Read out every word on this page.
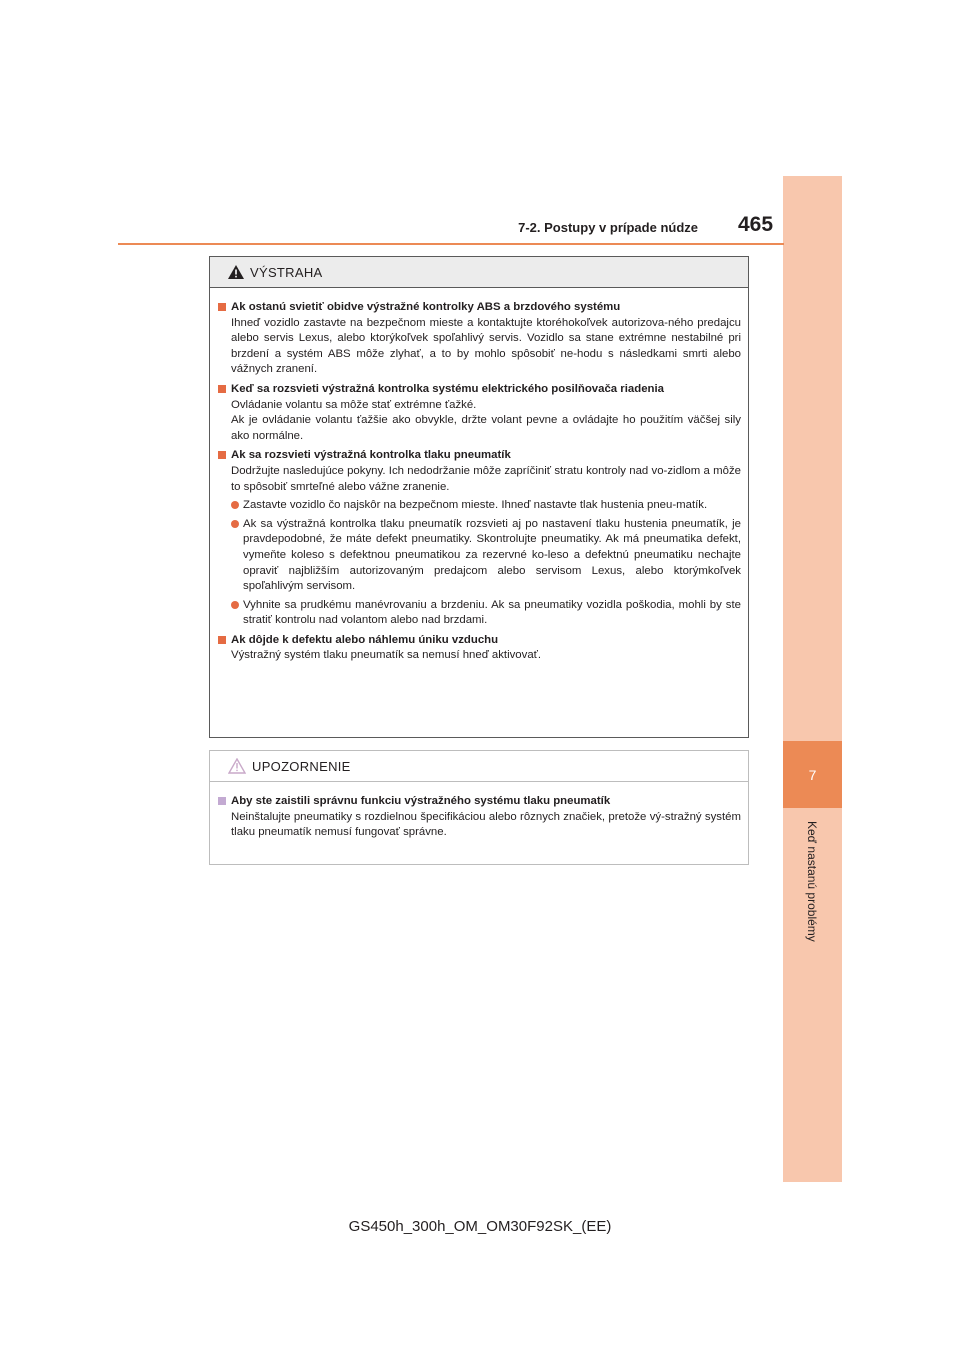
7
Keď nastanú problémy
7-2. Postupy v prípade núdze 465
VÝSTRAHA
Ak ostanú svietiť obidve výstražné kontrolky ABS a brzdového systému
Ihneď vozidlo zastavte na bezpečnom mieste a kontaktujte ktoréhokoľvek autorizova-ného predajcu alebo servis Lexus, alebo ktorýkoľvek spoľahlivý servis. Vozidlo sa stane extrémne nestabilné pri brzdení a systém ABS môže zlyhať, a to by mohlo spôsobiť ne-hodu s následkami smrti alebo vážnych zranení.
Keď sa rozsvieti výstražná kontrolka systému elektrického posilňovača riadenia
Ovládanie volantu sa môže stať extrémne ťažké.
Ak je ovládanie volantu ťažšie ako obvykle, držte volant pevne a ovládajte ho použitím väčšej sily ako normálne.
Ak sa rozsvieti výstražná kontrolka tlaku pneumatík
Dodržujte nasledujúce pokyny. Ich nedodržanie môže zapríčiniť stratu kontroly nad vo-zidlom a môže to spôsobiť smrteľné alebo vážne zranenie.
Zastavte vozidlo čo najskôr na bezpečnom mieste. Ihneď nastavte tlak hustenia pneu-matík.
Ak sa výstražná kontrolka tlaku pneumatík rozsvieti aj po nastavení tlaku hustenia pneumatík, je pravdepodobné, že máte defekt pneumatiky. Skontrolujte pneumatiky. Ak má pneumatika defekt, vymeňte koleso s defektnou pneumatikou za rezervné ko-leso a defektnú pneumatiku nechajte opraviť najbližším autorizovaným predajcom alebo servisom Lexus, alebo ktorýmkoľvek spoľahlivým servisom.
Vyhnite sa prudkému manévrovaniu a brzdeniu. Ak sa pneumatiky vozidla poškodia, mohli by ste stratiť kontrolu nad volantom alebo nad brzdami.
Ak dôjde k defektu alebo náhlemu úniku vzduchu
Výstražný systém tlaku pneumatík sa nemusí hneď aktivovať.
UPOZORNENIE
Aby ste zaistili správnu funkciu výstražného systému tlaku pneumatík
Neinštalujte pneumatiky s rozdielnou špecifikáciou alebo rôznych značiek, pretože vý-stražný systém tlaku pneumatík nemusí fungovať správne.
GS450h_300h_OM_OM30F92SK_(EE)
